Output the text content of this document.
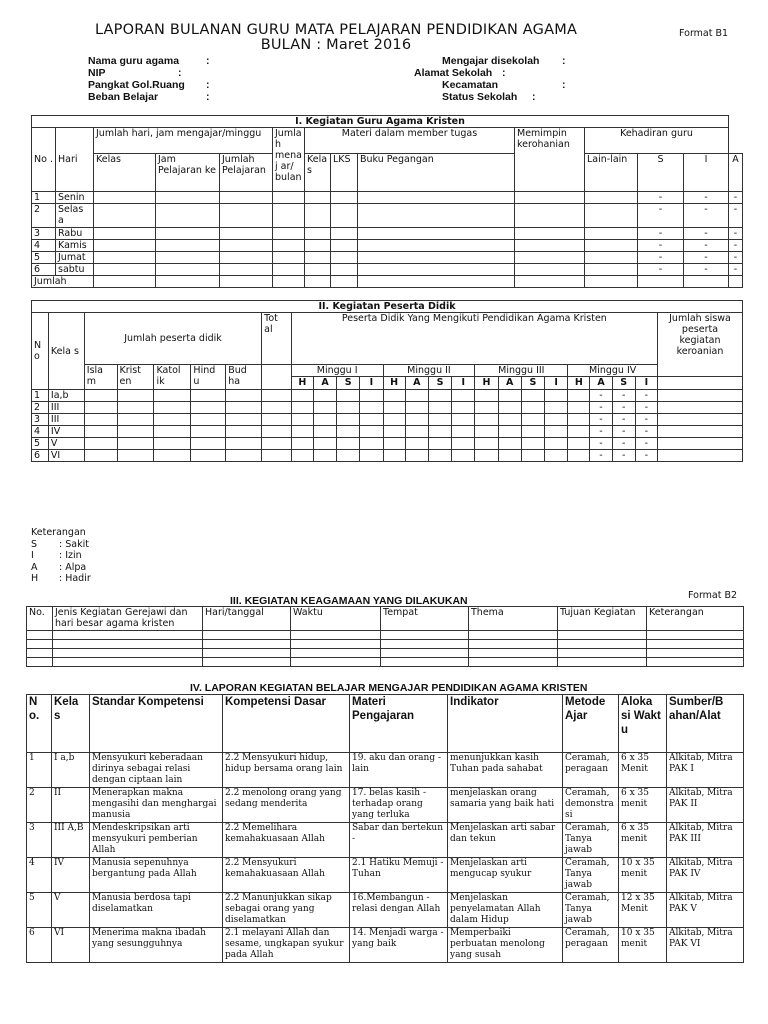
LAPORAN BULANAN GURU MATA PELAJARAN PENDIDIKAN AGAMA
BULAN : Maret 2016
Format B1
Nama guru agama	:
NIP	:
Pangkat Gol.Ruang :
Beban Belajar	:
Mengajar disekolah :
Alamat Sekolah :
Kecamatan	:
Status Sekolah :
I. Kegiatan Guru Agama Kristen													
No .	Hari	Jumlah hari, jam mengajar/minggu			Jumlah menaj ar/ bulan	Materi dalam member tugas			Memimpin kerohanian	Kehadiran guru			
		Kelas	Jam Pelajaran ke	Jumlah Pelajaran		Kela s	LKS	Buku Pegangan		Lain-lain	S	I	A
1	Senin										-	-	-
2	Selas a										-	-	-
3	Rabu										-	-	-
4	Kamis										-	-	-
5	Jumat										-	-	-
6	sabtu										-	-	-
Jumlah													
II. Kegiatan Peserta Didik																								
N o	Kela s	Jumlah peserta didik					Tot al	Peserta Didik Yang Mengikuti Pendidikan Agama Kristen																Jumlah siswa peserta kegiatan keroanian
		Isla m	Krist en	Katol ik	Hind u	Bud ha		Minggu I				Minggu II				Minggu III				Minggu IV				
								H	A	S	I	H	A	S	I	H	A	S	I	H	A	S	I	
1	Ia,b																				-	-	-	
2	III																				-	-	-	
3	III																				-	-	-	
4	IV																				-	-	-	
5	V																				-	-	-	
6	VI																				-	-	-	
Keterangan
S : Sakit
I	: Izin
A : Alpa
H : Hadir
Format B2
III. KEGIATAN KEAGAMAAN YANG DILAKUKAN
No.	Jenis Kegiatan Gerejawi dan hari besar agama kristen	Hari/tanggal	Waktu	Tempat	Thema	Tujuan Kegiatan	Keterangan

IV. LAPORAN KEGIATAN BELAJAR MENGAJAR PENDIDIKAN AGAMA KRISTEN
N o.	Kela s	Standar Kompetensi	Kompetensi Dasar	Materi Pengajaran	Indikator	Metode Ajar	Aloka si Wakt u	Sumber/B ahan/Alat
1	I a,b	Mensyukuri keberadaan dirinya sebagai relasi dengan ciptaan lain	2.2 Mensyukuri hidup, hidup bersama orang lain	19. aku dan orang - lain	menunjukkan kasih Tuhan pada sahabat	Ceramah, peragaan	6 x 35 Menit	Alkitab, Mitra PAK I
2	II	Menerapkan makna mengasihi dan menghargai manusia	2.2 menolong orang yang sedang menderita	17. belas kasih - terhadap orang yang terluka	menjelaskan orang samaria yang baik hati	Ceramah, demonstra si	6 x 35 menit	Alkitab, Mitra PAK II
3	III A,B	Mendeskripsikan arti mensyukuri pemberian Allah	2.2 Memelihara kemahakuasaan Allah	Sabar dan bertekun -	Menjelaskan arti sabar dan tekun	Ceramah, Tanya jawab	6 x 35 menit	Alkitab, Mitra PAK III
4	IV	Manusia sepenuhnya bergantung pada Allah	2.2 Mensyukuri kemahakuasaan Allah	2.1 Hatiku Memuji - Tuhan	Menjelaskan arti mengucap syukur	Ceramah, Tanya jawab	10 x 35 menit	Alkitab, Mitra PAK IV
5	V	Manusia berdosa tapi diselamatkan	2.2 Manunjukkan sikap sebagai orang yang diselamatkan	16.Membangun - relasi dengan Allah	Menjelaskan penyelamatan Allah dalam Hidup	Ceramah, Tanya jawab	12 x 35 Menit	Alkitab, Mitra PAK V
6	VI	Menerima makna ibadah yang sesungguhnya	2.1 melayani Allah dan sesame, ungkapan syukur pada Allah	14. Menjadi warga - yang baik	Memperbaiki perbuatan menolong yang susah	Ceramah, peragaan	10 x 35 menit	Alkitab, Mitra PAK VI
